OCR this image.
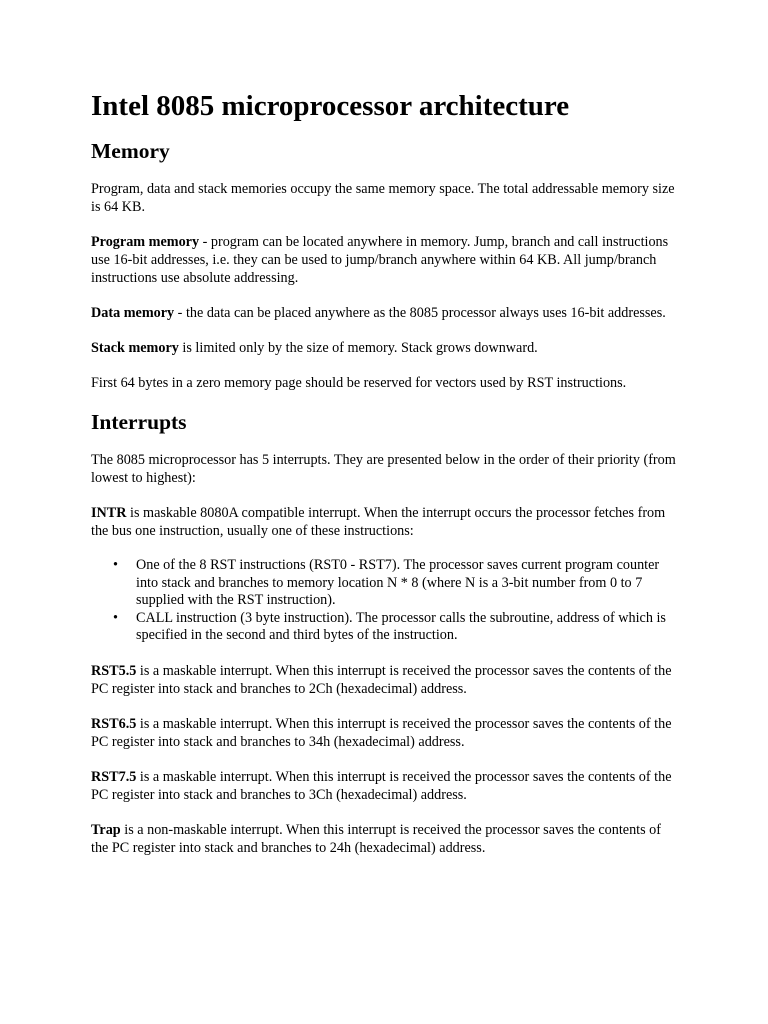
Intel 8085 microprocessor architecture
Memory

Program, data and stack memories occupy the same memory space. The total addressable memory size is 64 KB.

Program memory - program can be located anywhere in memory. Jump, branch and call instructions use 16-bit addresses, i.e. they can be used to jump/branch anywhere within 64 KB. All jump/branch instructions use absolute addressing.

Data memory - the data can be placed anywhere as the 8085 processor always uses 16-bit addresses.

Stack memory is limited only by the size of memory. Stack grows downward.

First 64 bytes in a zero memory page should be reserved for vectors used by RST instructions.

Interrupts

The 8085 microprocessor has 5 interrupts. They are presented below in the order of their priority (from lowest to highest):

INTR is maskable 8080A compatible interrupt. When the interrupt occurs the processor fetches from the bus one instruction, usually one of these instructions:

• One of the 8 RST instructions (RST0 - RST7). The processor saves current program counter into stack and branches to memory location N * 8 (where N is a 3-bit number from 0 to 7 supplied with the RST instruction).
• CALL instruction (3 byte instruction). The processor calls the subroutine, address of which is specified in the second and third bytes of the instruction.

RST5.5 is a maskable interrupt. When this interrupt is received the processor saves the contents of the PC register into stack and branches to 2Ch (hexadecimal) address.

RST6.5 is a maskable interrupt. When this interrupt is received the processor saves the contents of the PC register into stack and branches to 34h (hexadecimal) address.

RST7.5 is a maskable interrupt. When this interrupt is received the processor saves the contents of the PC register into stack and branches to 3Ch (hexadecimal) address.

Trap is a non-maskable interrupt. When this interrupt is received the processor saves the contents of the PC register into stack and branches to 24h (hexadecimal) address.
